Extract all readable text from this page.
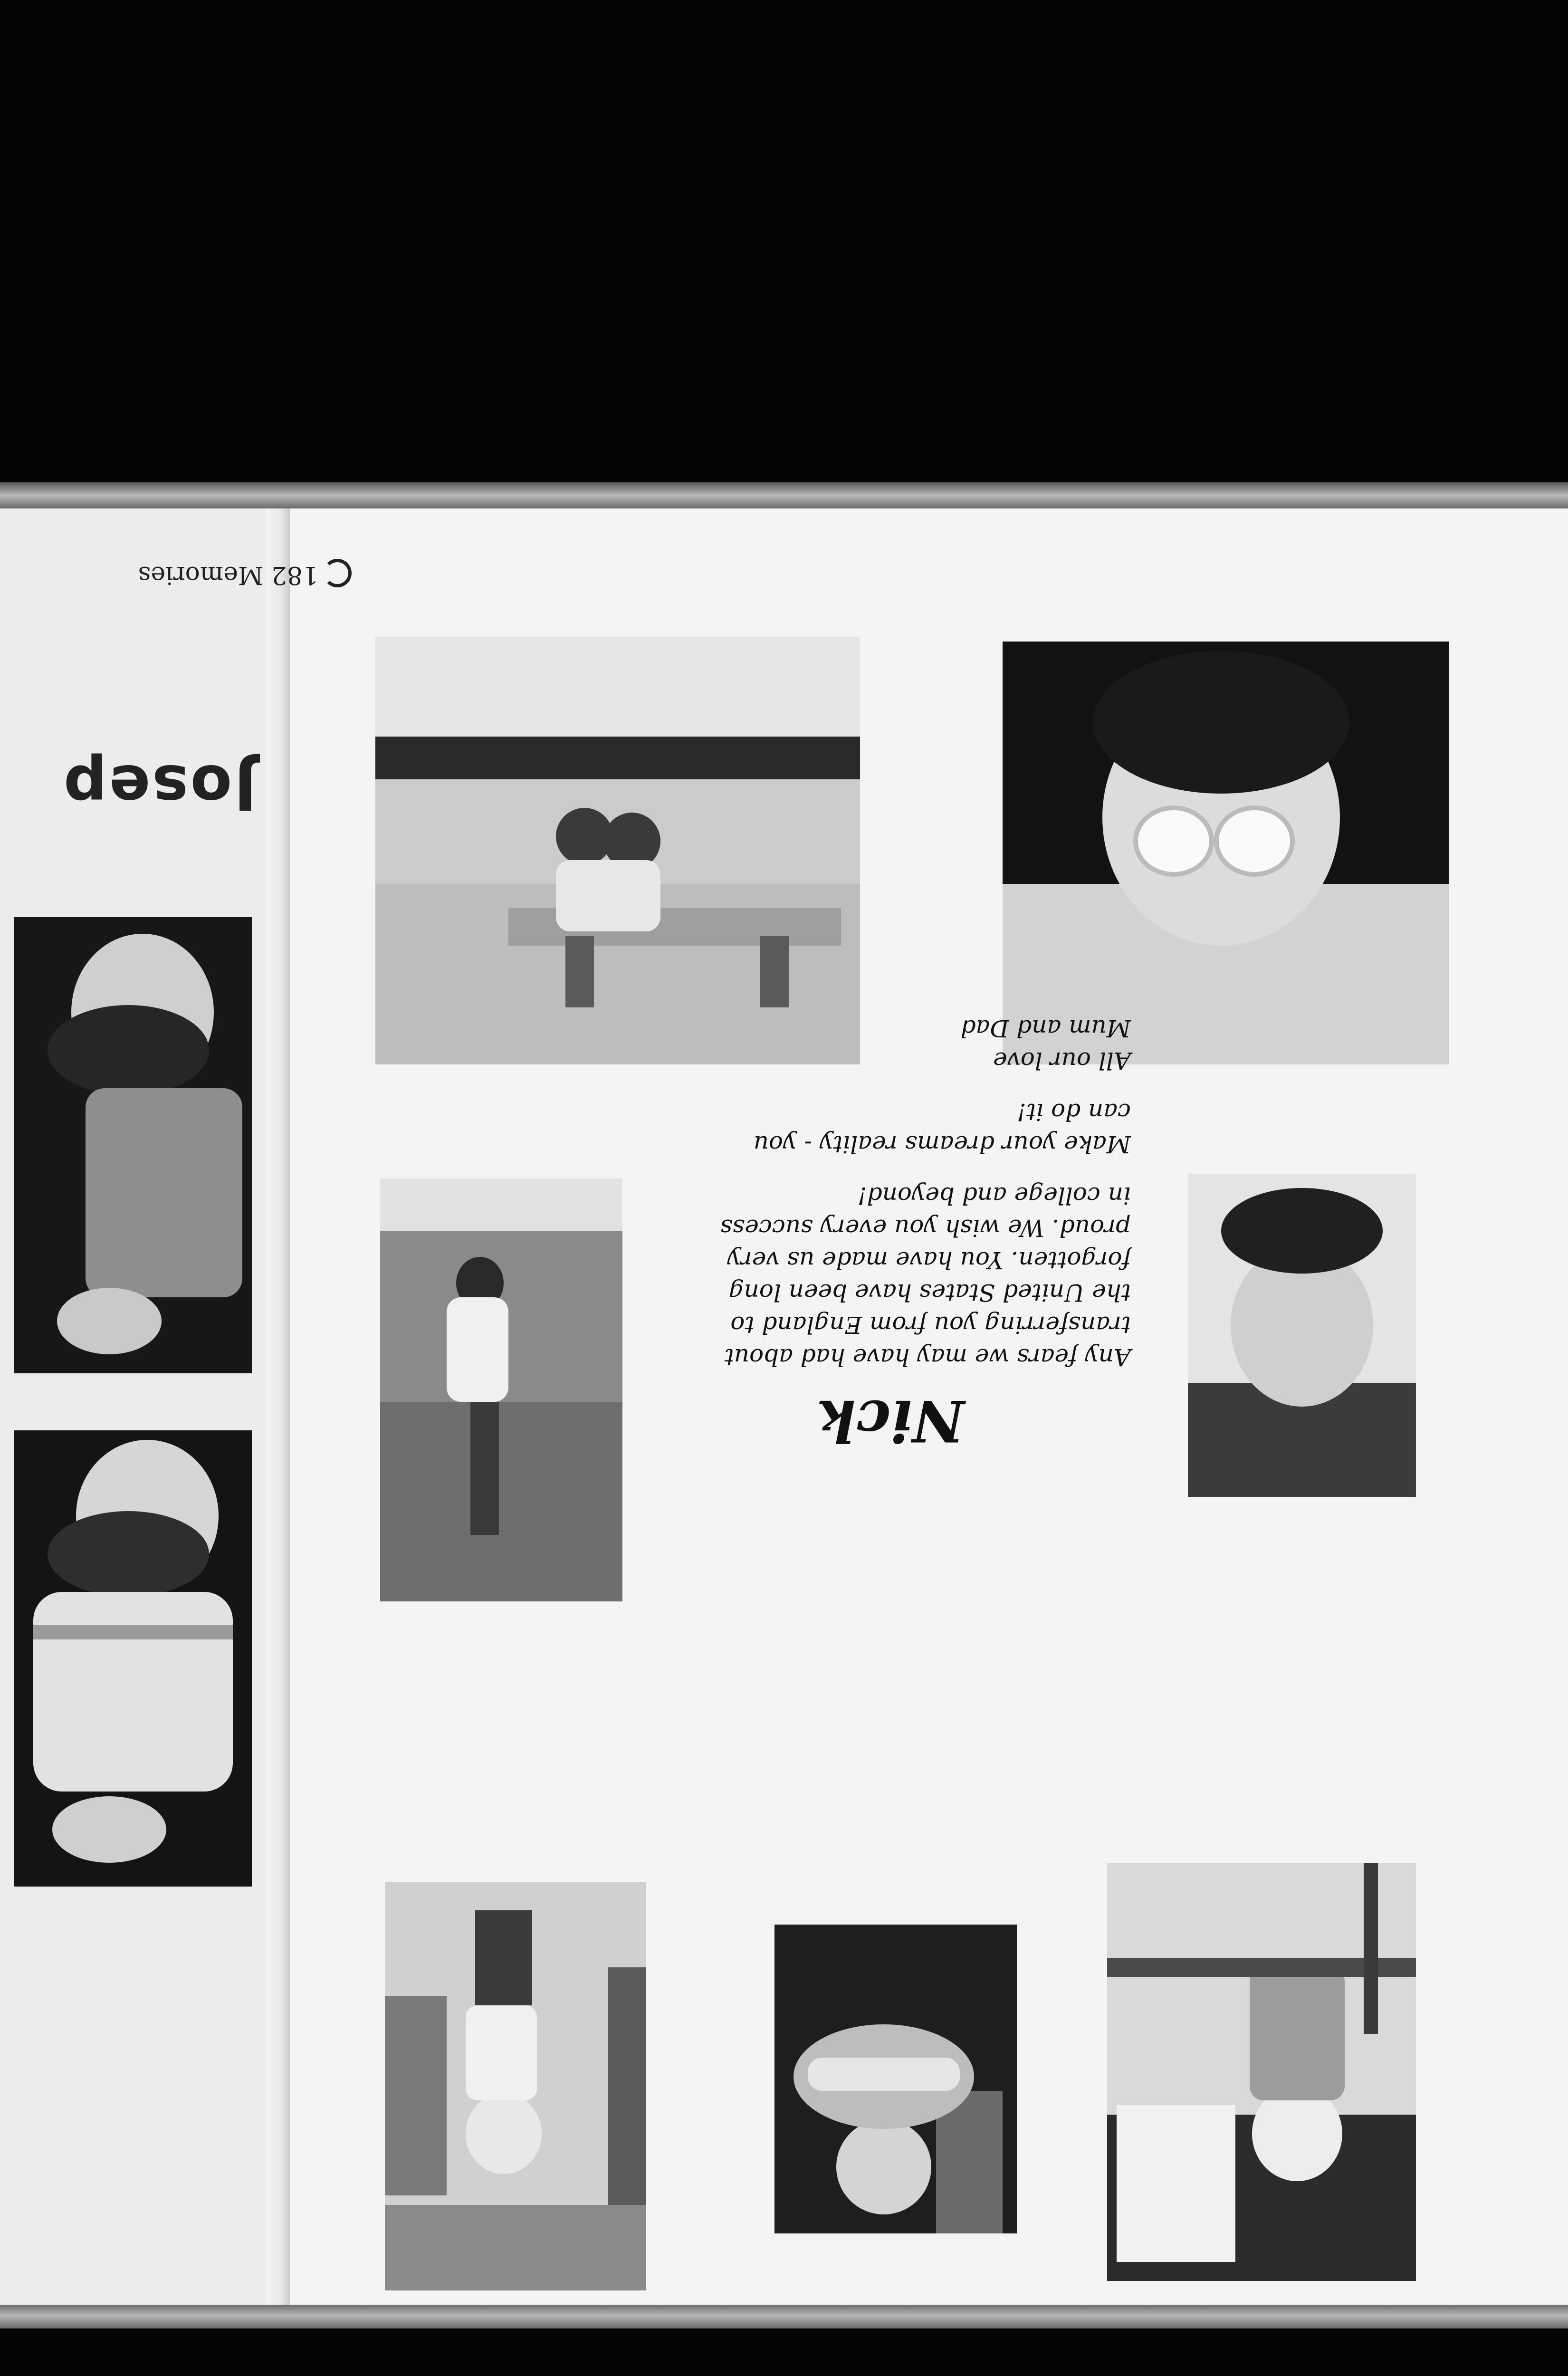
Josep
Nick

Any fears we may have had about

transferring you from England to

the United States have been long

forgotten. You have made us very

proud. We wish you every success

in college and beyond!

Make your dreams reality - you can do it!

All our love

Mum and Dad

182 Memories
